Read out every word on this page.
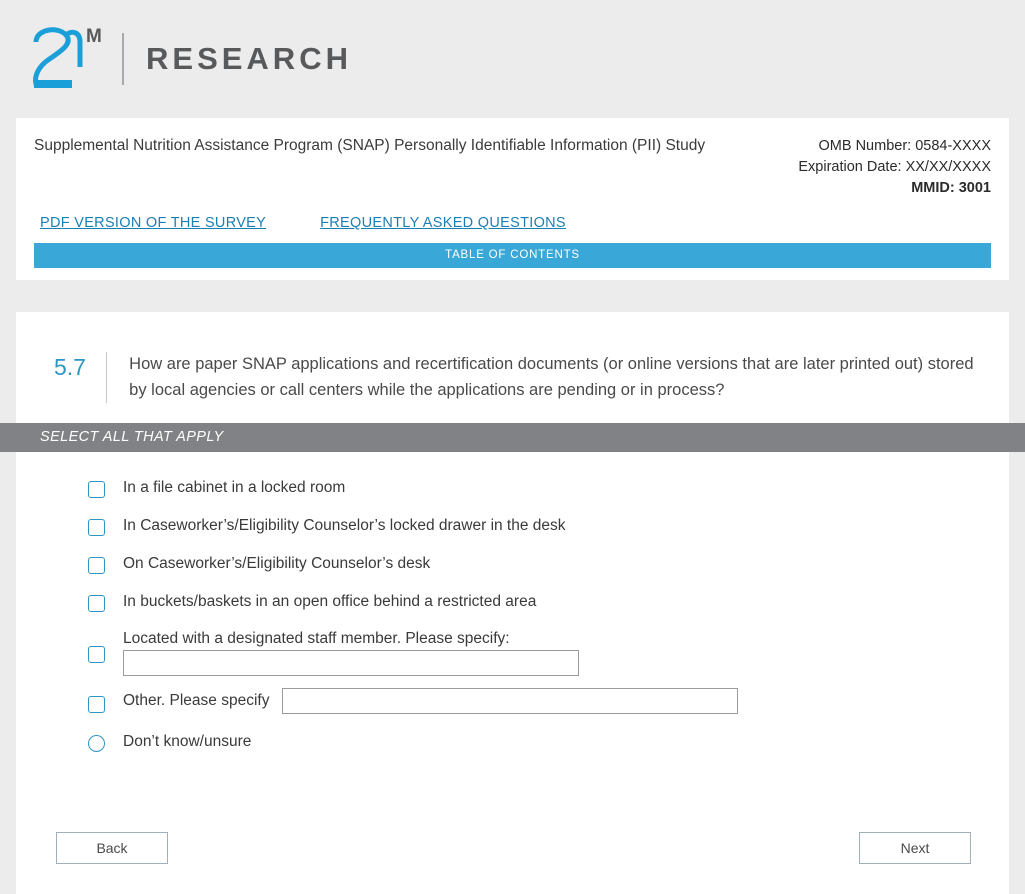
M
RESEARCH
Supplemental Nutrition Assistance Program (SNAP) Personally Identifiable Information (PII) Study	OMB Number: 0584-XXXX
Expiration Date: XX/XX/XXXX
MMID: 3001
PDF VERSION OF THE SURVEY	FREQUENTLY ASKED QUESTIONS
TABLE OF CONTENTS
5.7	How are paper SNAP applications and recertification documents (or online versions that are later printed out) stored by local agencies or call centers while the applications are pending or in process?
SELECT ALL THAT APPLY
In a file cabinet in a locked room
In Caseworker’s/Eligibility Counselor’s locked drawer in the desk
On Caseworker’s/Eligibility Counselor’s desk
In buckets/baskets in an open office behind a restricted area
Located with a designated staff member. Please specify:
Other. Please specify
Don’t know/unsure
Back	Next
